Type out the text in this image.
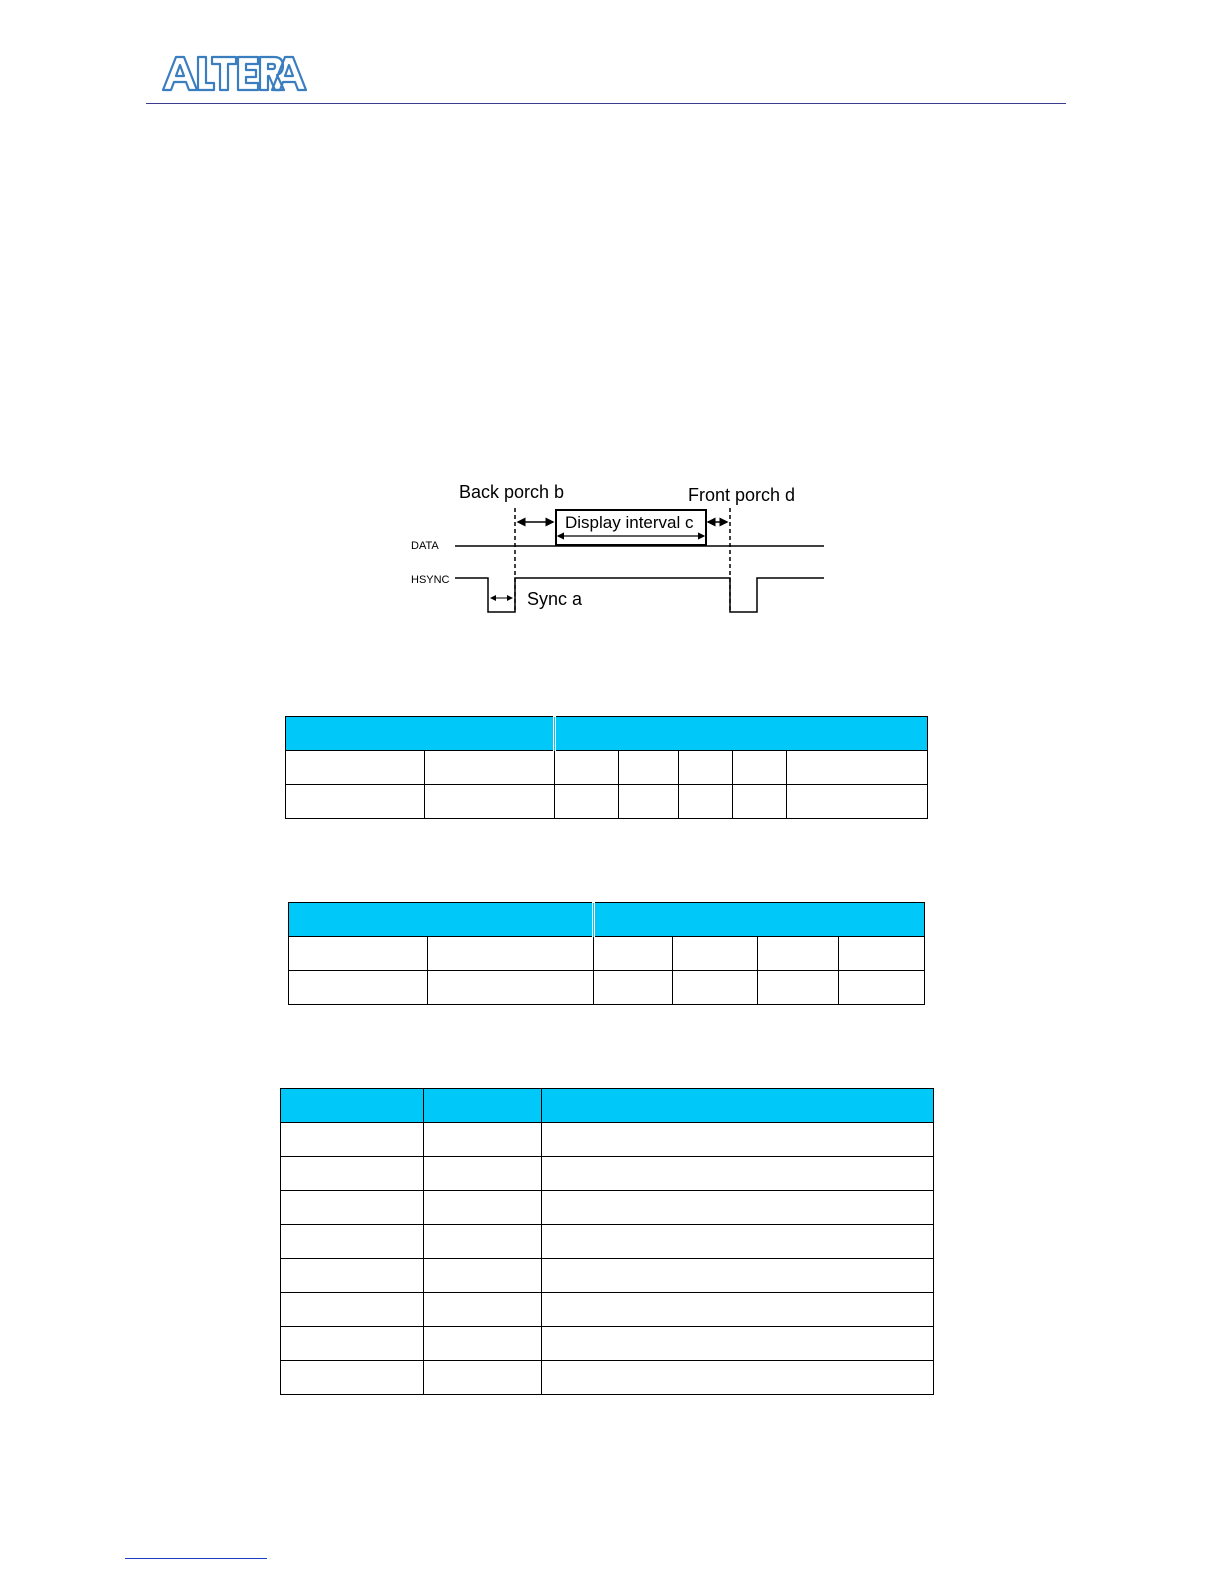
Back porch b	Front porch d
Display interval c
DATA
HSYNC
Sync a
